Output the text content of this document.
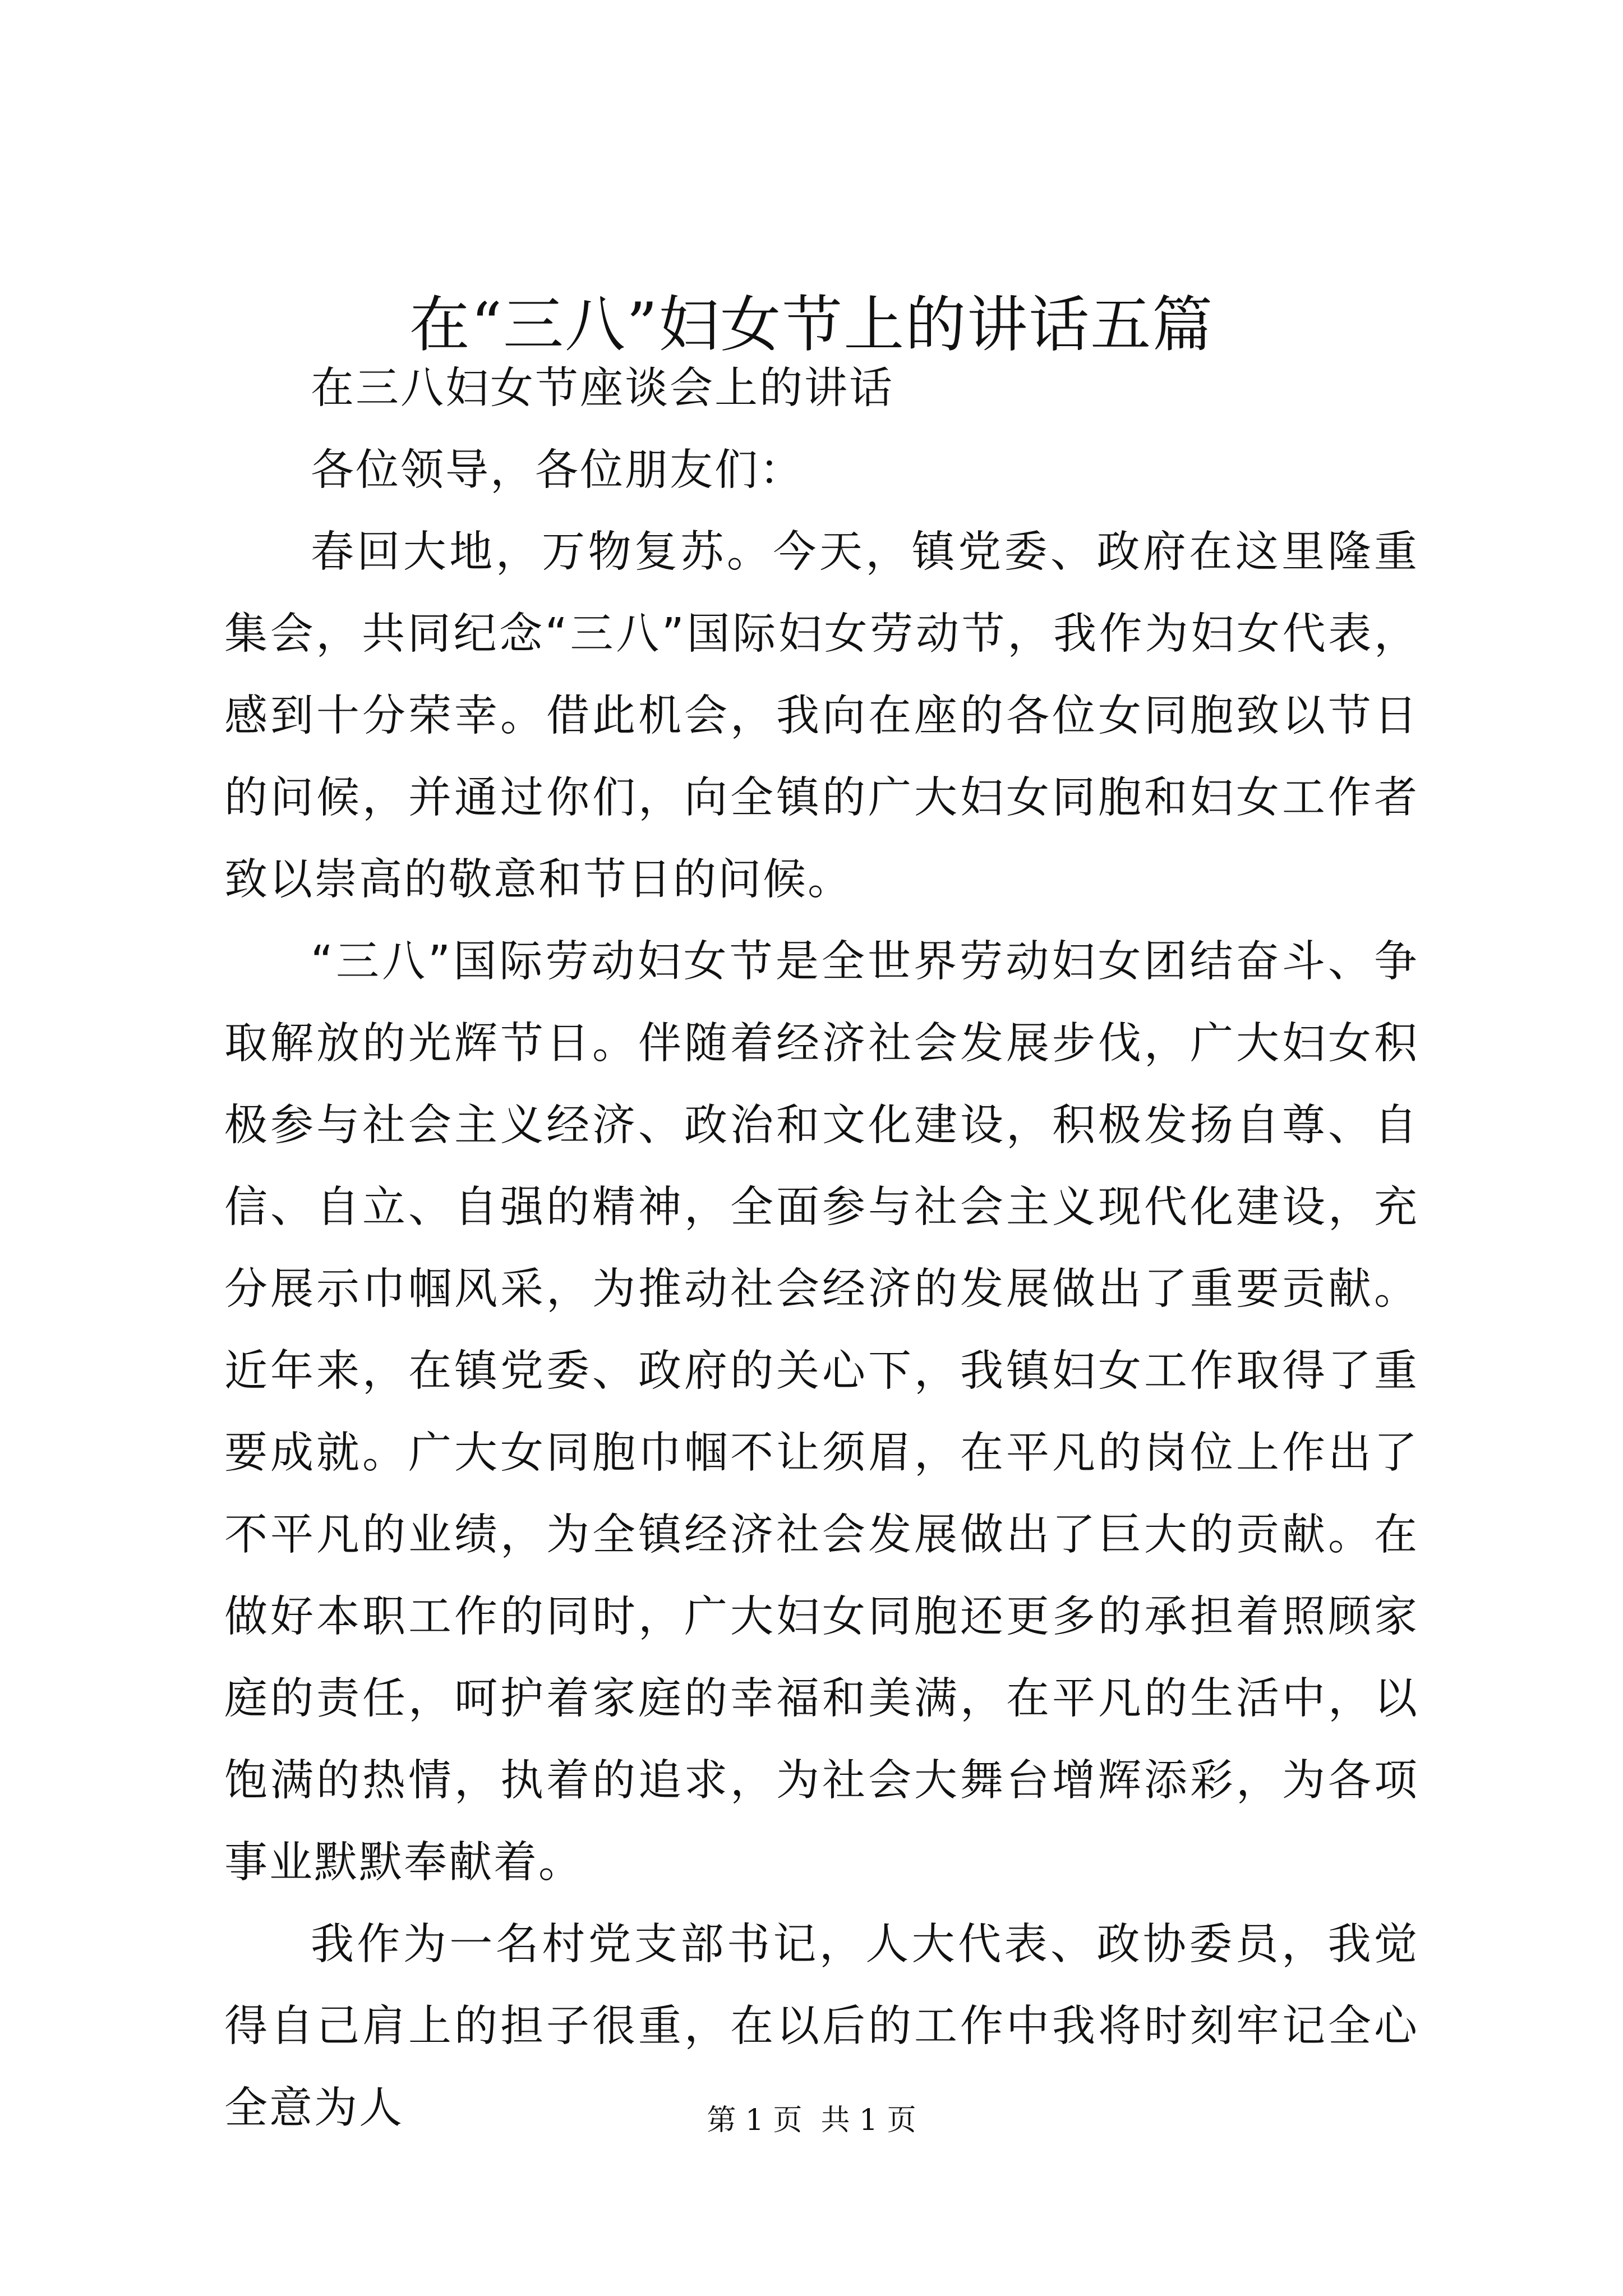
在“三八”妇女节上的讲话五篇

在三八妇女节座谈会上的讲话

各位领导，各位朋友们：

春回大地，万物复苏。今天，镇党委、政府在这里隆重集会，共同纪念“三八”国际妇女劳动节，我作为妇女代表，感到十分荣幸。借此机会，我向在座的各位女同胞致以节日的问候，并通过你们，向全镇的广大妇女同胞和妇女工作者致以崇高的敬意和节日的问候。

“三八”国际劳动妇女节是全世界劳动妇女团结奋斗、争取解放的光辉节日。伴随着经济社会发展步伐，广大妇女积极参与社会主义经济、政治和文化建设，积极发扬自尊、自信、自立、自强的精神，全面参与社会主义现代化建设，充分展示巾帼风采，为推动社会经济的发展做出了重要贡献。近年来，在镇党委、政府的关心下，我镇妇女工作取得了重要成就。广大女同胞巾帼不让须眉，在平凡的岗位上作出了不平凡的业绩，为全镇经济社会发展做出了巨大的贡献。在做好本职工作的同时，广大妇女同胞还更多的承担着照顾家庭的责任，呵护着家庭的幸福和美满，在平凡的生活中，以饱满的热情，执着的追求，为社会大舞台增辉添彩，为各项事业默默奉献着。

我作为一名村党支部书记，人大代表、政协委员，我觉得自己肩上的担子很重，在以后的工作中我将时刻牢记全心全意为人	第 1 页  共 1 页
